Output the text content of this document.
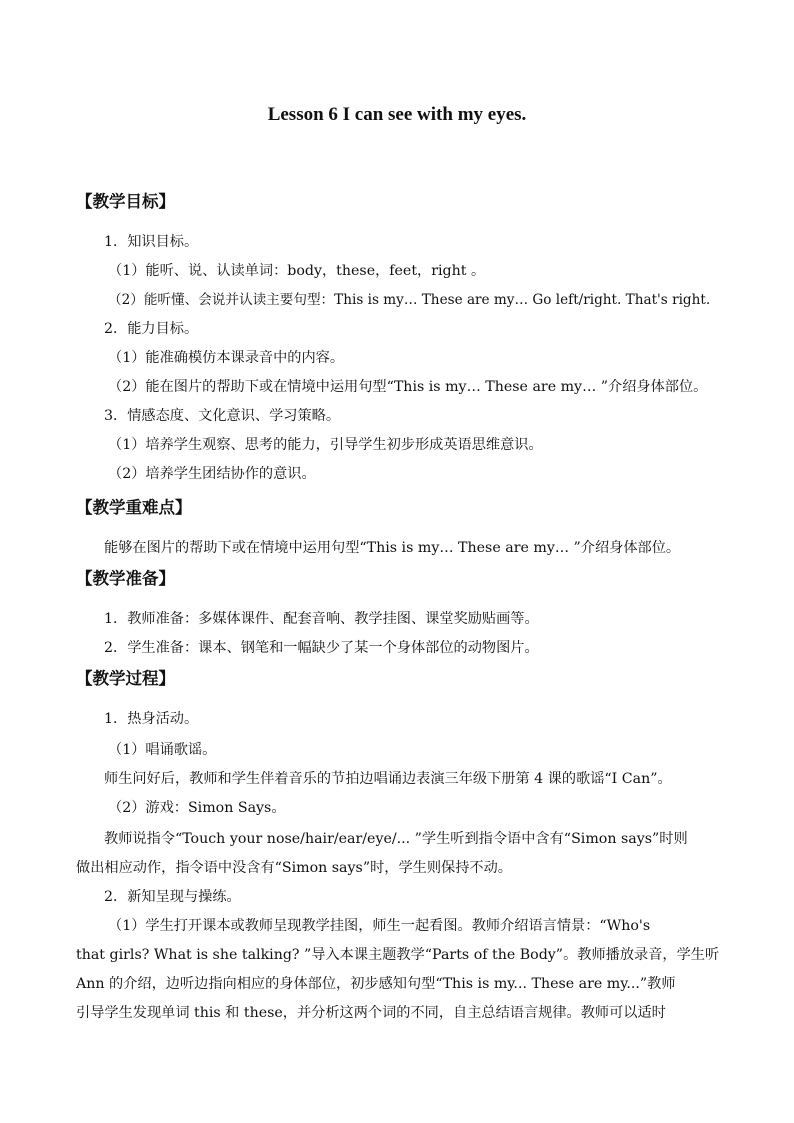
Lesson 6 I can see with my eyes.
【教学目标】
1．知识目标。
（1）能听、说、认读单词：body，these，feet，right 。
（2）能听懂、会说并认读主要句型：This is my… These are my… Go left/right. That's right.
2．能力目标。
（1）能准确模仿本课录音中的内容。
（2）能在图片的帮助下或在情境中运用句型“This is my… These are my… ”介绍身体部位。
3．情感态度、文化意识、学习策略。
（1）培养学生观察、思考的能力，引导学生初步形成英语思维意识。
（2）培养学生团结协作的意识。
【教学重难点】
能够在图片的帮助下或在情境中运用句型“This is my… These are my… ”介绍身体部位。
【教学准备】
1．教师准备：多媒体课件、配套音响、教学挂图、课堂奖励贴画等。
2．学生准备：课本、钢笔和一幅缺少了某一个身体部位的动物图片。
【教学过程】
1．热身活动。
（1）唱诵歌谣。
师生问好后，教师和学生伴着音乐的节拍边唱诵边表演三年级下册第 4 课的歌谣“I Can”。
（2）游戏：Simon Says。
教师说指令“Touch your nose/hair/ear/eye/... ”学生听到指令语中含有“Simon says”时则
做出相应动作，指令语中没含有“Simon says”时，学生则保持不动。
2．新知呈现与操练。
（1）学生打开课本或教师呈现教学挂图，师生一起看图。教师介绍语言情景：“Who's
that girls? What is she talking? ”导入本课主题教学“Parts of the Body”。教师播放录音，学生听
Ann 的介绍，边听边指向相应的身体部位，初步感知句型“This is my... These are my...”教师
引导学生发现单词 this 和 these，并分析这两个词的不同，自主总结语言规律。教师可以适时
